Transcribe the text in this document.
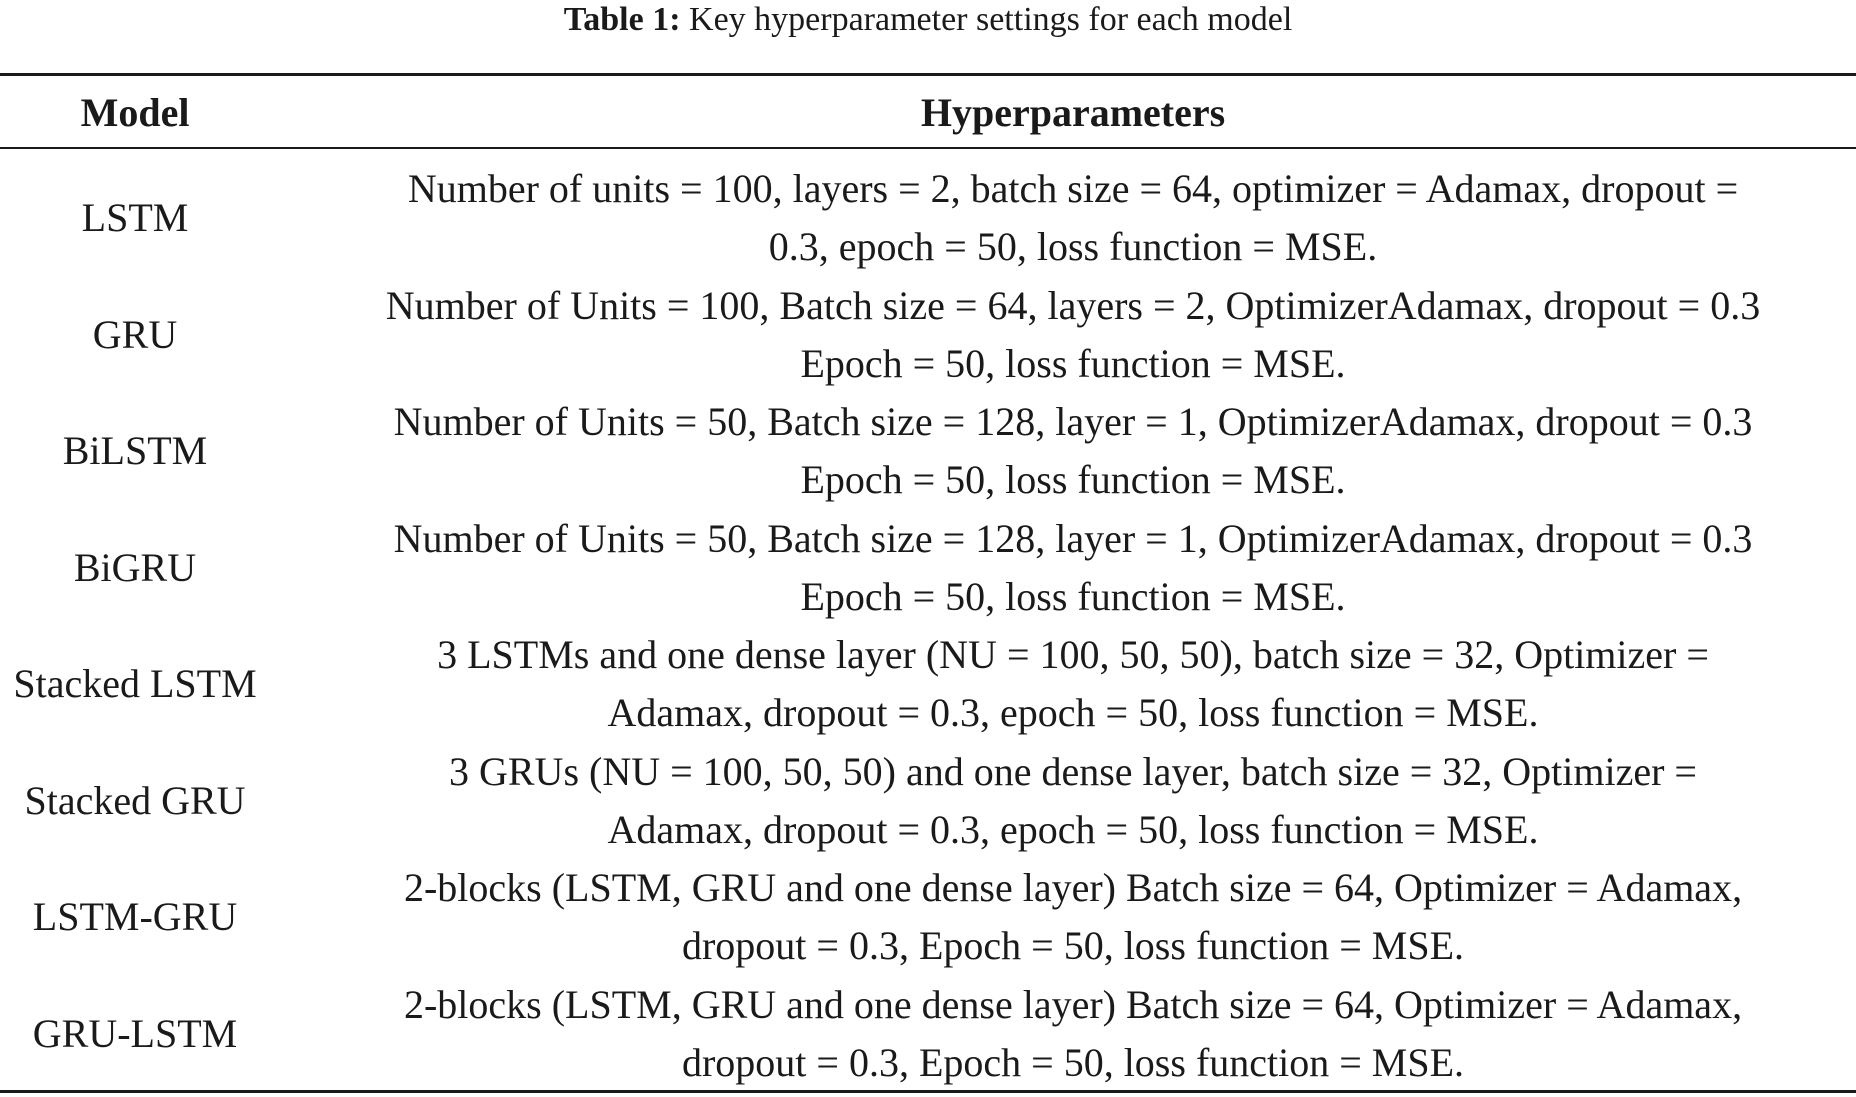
Table 1: Key hyperparameter settings for each model
Model	Hyperparameters
LSTM
Number of units = 100, layers = 2, batch size = 64, optimizer = Adamax, dropout =
0.3, epoch = 50, loss function = MSE.
GRU
Number of Units = 100, Batch size = 64, layers = 2, OptimizerAdamax, dropout = 0.3
Epoch = 50, loss function = MSE.
BiLSTM
Number of Units = 50, Batch size = 128, layer = 1, OptimizerAdamax, dropout = 0.3
Epoch = 50, loss function = MSE.
BiGRU
Number of Units = 50, Batch size = 128, layer = 1, OptimizerAdamax, dropout = 0.3
Epoch = 50, loss function = MSE.
Stacked LSTM
3 LSTMs and one dense layer (NU = 100, 50, 50), batch size = 32, Optimizer =
Adamax, dropout = 0.3, epoch = 50, loss function = MSE.
Stacked GRU
3 GRUs (NU = 100, 50, 50) and one dense layer, batch size = 32, Optimizer =
Adamax, dropout = 0.3, epoch = 50, loss function = MSE.
LSTM-GRU
2-blocks (LSTM, GRU and one dense layer) Batch size = 64, Optimizer = Adamax,
dropout = 0.3, Epoch = 50, loss function = MSE.
GRU-LSTM
2-blocks (LSTM, GRU and one dense layer) Batch size = 64, Optimizer = Adamax,
dropout = 0.3, Epoch = 50, loss function = MSE.
